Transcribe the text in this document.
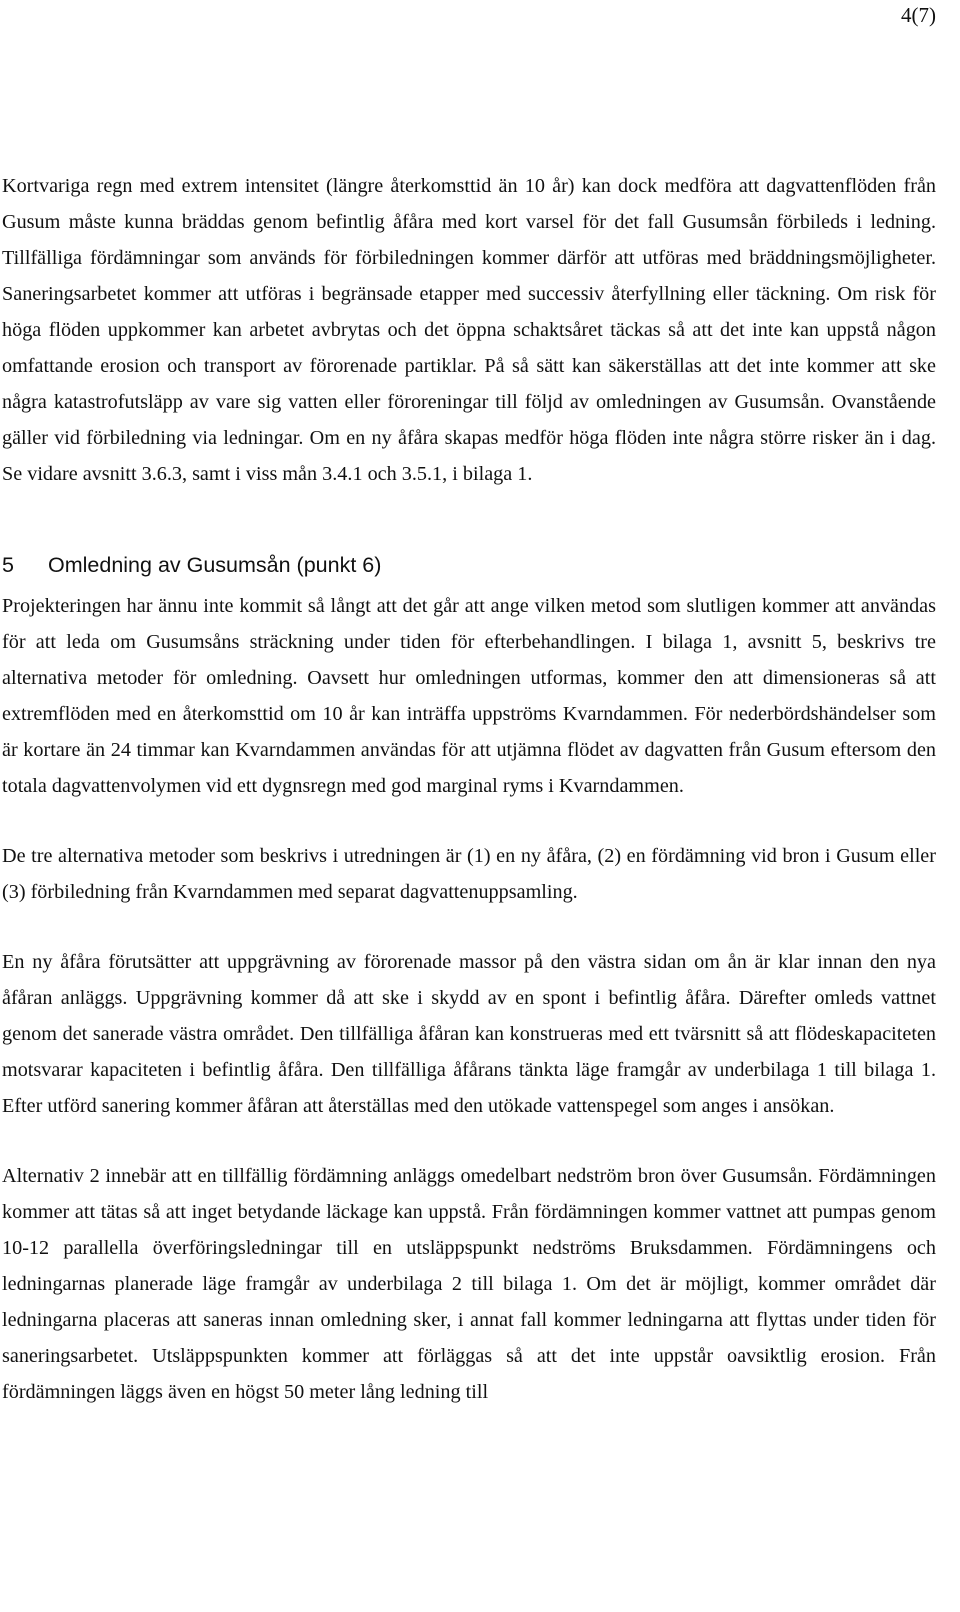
4(7)

Kortvariga regn med extrem intensitet (längre återkomsttid än 10 år) kan dock medföra att dagvattenflöden från Gusum måste kunna bräddas genom befintlig åfåra med kort varsel för det fall Gusumsån förbileds i ledning. Tillfälliga fördämningar som används för förbiledningen kommer därför att utföras med bräddningsmöjligheter. Saneringsarbetet kommer att utföras i begränsade etapper med successiv återfyllning eller täckning. Om risk för höga flöden uppkommer kan arbetet avbrytas och det öppna schaktsåret täckas så att det inte kan uppstå någon omfattande erosion och transport av förorenade partiklar. På så sätt kan säkerställas att det inte kommer att ske några katastrofutsläpp av vare sig vatten eller föroreningar till följd av omledningen av Gusumsån. Ovanstående gäller vid förbiledning via ledningar. Om en ny åfåra skapas medför höga flöden inte några större risker än i dag. Se vidare avsnitt 3.6.3, samt i viss mån 3.4.1 och 3.5.1, i bilaga 1.

5 Omledning av Gusumsån (punkt 6)

Projekteringen har ännu inte kommit så långt att det går att ange vilken metod som slutligen kommer att användas för att leda om Gusumsåns sträckning under tiden för efterbehandlingen. I bilaga 1, avsnitt 5, beskrivs tre alternativa metoder för omledning. Oavsett hur omledningen utformas, kommer den att dimensioneras så att extremflöden med en återkomsttid om 10 år kan inträffa uppströms Kvarndammen. För nederbördshändelser som är kortare än 24 timmar kan Kvarndammen användas för att utjämna flödet av dagvatten från Gusum eftersom den totala dagvattenvolymen vid ett dygnsregn med god marginal ryms i Kvarndammen.

De tre alternativa metoder som beskrivs i utredningen är (1) en ny åfåra, (2) en fördämning vid bron i Gusum eller (3) förbiledning från Kvarndammen med separat dagvattenuppsamling.

En ny åfåra förutsätter att uppgrävning av förorenade massor på den västra sidan om ån är klar innan den nya åfåran anläggs. Uppgrävning kommer då att ske i skydd av en spont i befintlig åfåra. Därefter omleds vattnet genom det sanerade västra området. Den tillfälliga åfåran kan konstrueras med ett tvärsnitt så att flödeskapaciteten motsvarar kapaciteten i befintlig åfåra. Den tillfälliga åfårans tänkta läge framgår av underbilaga 1 till bilaga 1. Efter utförd sanering kommer åfåran att återställas med den utökade vattenspegel som anges i ansökan.

Alternativ 2 innebär att en tillfällig fördämning anläggs omedelbart nedström bron över Gusumsån. Fördämningen kommer att tätas så att inget betydande läckage kan uppstå. Från fördämningen kommer vattnet att pumpas genom 10-12 parallella överföringsledningar till en utsläppspunkt nedströms Bruksdammen. Fördämningens och ledningarnas planerade läge framgår av underbilaga 2 till bilaga 1. Om det är möjligt, kommer området där ledningarna placeras att saneras innan omledning sker, i annat fall kommer ledningarna att flyttas under tiden för saneringsarbetet. Utsläppspunkten kommer att förläggas så att det inte uppstår oavsiktlig erosion. Från fördämningen läggs även en högst 50 meter lång ledning till
